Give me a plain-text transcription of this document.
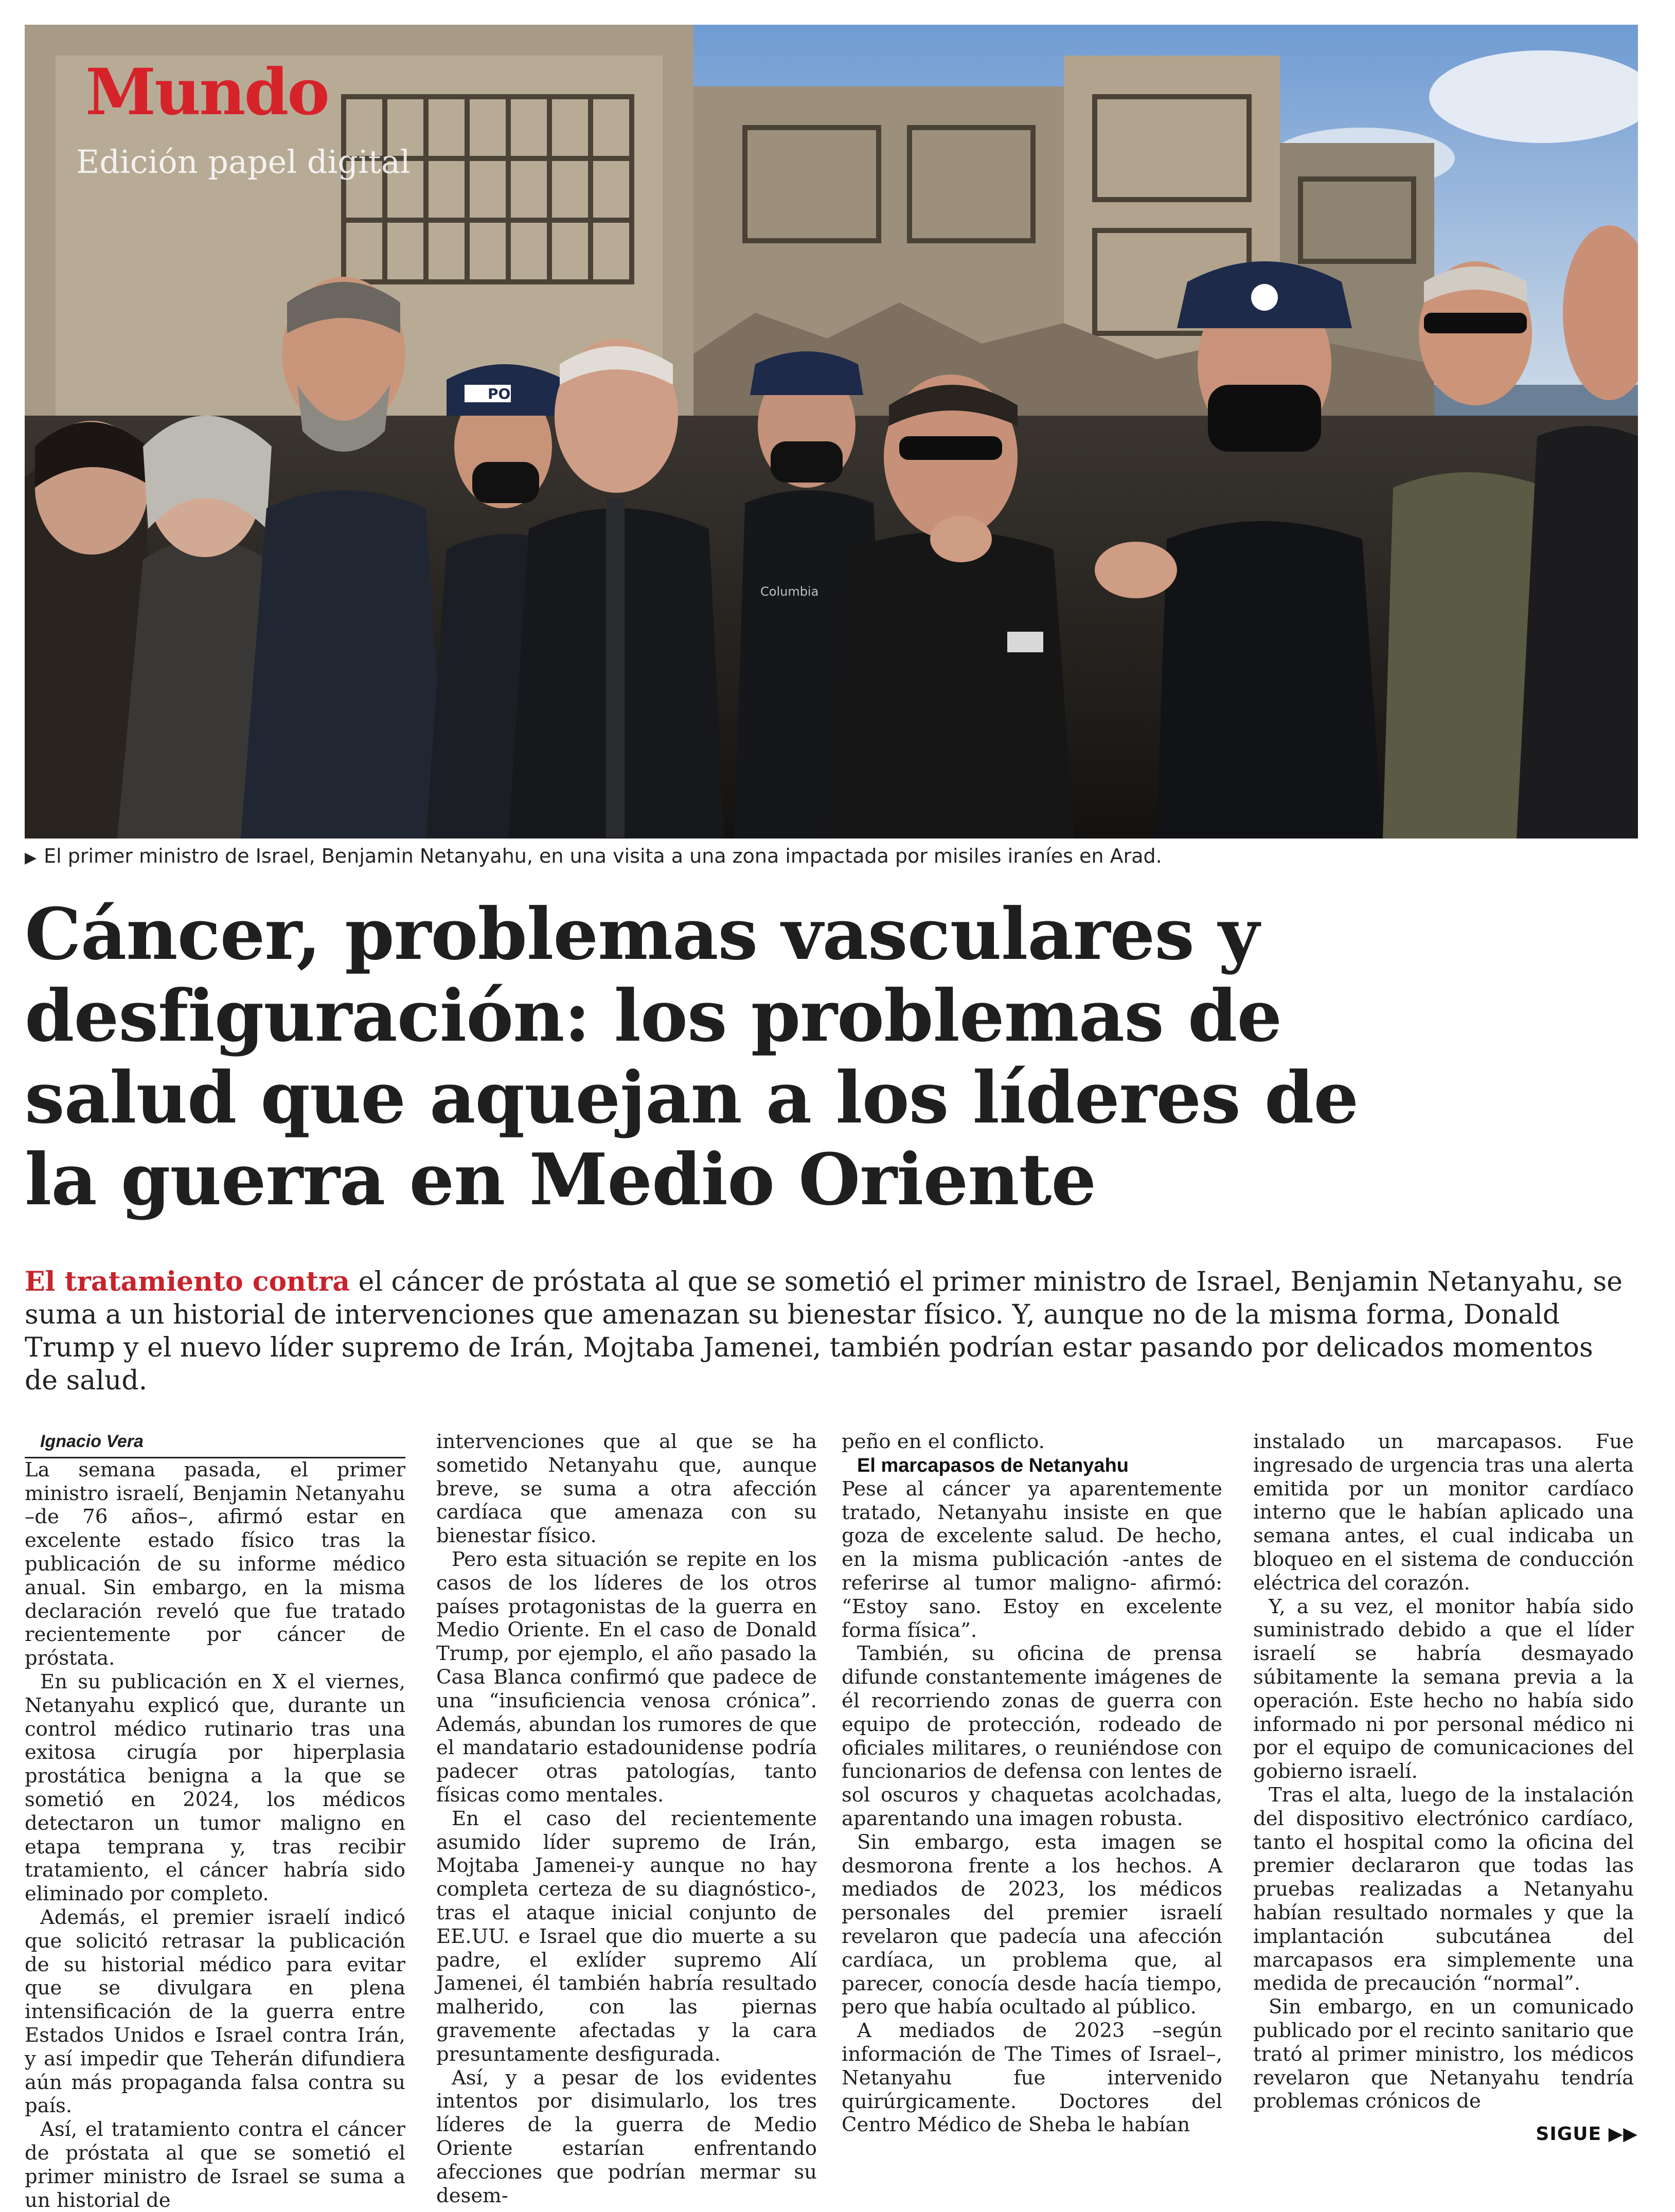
POLICE
Columbia
Mundo

Edición papel digital

▶ El primer ministro de Israel, Benjamin Netanyahu, en una visita a una zona impactada por misiles iraníes en Arad.

Cáncer, problemas vasculares y desfiguración: los problemas de salud que aquejan a los líderes de la guerra en Medio Oriente

El tratamiento contra el cáncer de próstata al que se sometió el primer ministro de Israel, Benjamin Netanyahu, se suma a un historial de intervenciones que amenazan su bienestar físico. Y, aunque no de la misma forma, Donald Trump y el nuevo líder supremo de Irán, Mojtaba Jamenei, también podrían estar pasando por delicados momentos de salud.

Ignacio Vera

La semana pasada, el primer ministro israelí, Benjamin Netanyahu –de 76 años–, afirmó estar en excelente estado físico tras la publicación de su informe médico anual. Sin embargo, en la misma declaración reveló que fue tratado recientemente por cáncer de próstata.

En su publicación en X el viernes, Netanyahu explicó que, durante un control médico rutinario tras una exitosa cirugía por hiperplasia prostática benigna a la que se sometió en 2024, los médicos detectaron un tumor maligno en etapa temprana y, tras recibir tratamiento, el cáncer habría sido eliminado por completo.

Además, el premier israelí indicó que solicitó retrasar la publicación de su historial médico para evitar que se divulgara en plena intensificación de la guerra entre Estados Unidos e Israel contra Irán, y así impedir que Teherán difundiera aún más propaganda falsa contra su país.

Así, el tratamiento contra el cáncer de próstata al que se sometió el primer ministro de Israel se suma a un historial de

intervenciones que al que se ha sometido Netanyahu que, aunque breve, se suma a otra afección cardíaca que amenaza con su bienestar físico.

Pero esta situación se repite en los casos de los líderes de los otros países protagonistas de la guerra en Medio Oriente. En el caso de Donald Trump, por ejemplo, el año pasado la Casa Blanca confirmó que padece de una “insuficiencia venosa crónica”. Además, abundan los rumores de que el mandatario estadounidense podría padecer otras patologías, tanto físicas como mentales.

En el caso del recientemente asumido líder supremo de Irán, Mojtaba Jamenei-y aunque no hay completa certeza de su diagnóstico-, tras el ataque inicial conjunto de EE.UU. e Israel que dio muerte a su padre, el exlíder supremo Alí Jamenei, él también habría resultado malherido, con las piernas gravemente afectadas y la cara presuntamente desfigurada.

Así, y a pesar de los evidentes intentos por disimularlo, los tres líderes de la guerra de Medio Oriente estarían enfrentando afecciones que podrían mermar su desem-

peño en el conflicto.

El marcapasos de Netanyahu

Pese al cáncer ya aparentemente tratado, Netanyahu insiste en que goza de excelente salud. De hecho, en la misma publicación -antes de referirse al tumor maligno- afirmó: “Estoy sano. Estoy en excelente forma física”.

También, su oficina de prensa difunde constantemente imágenes de él recorriendo zonas de guerra con equipo de protección, rodeado de oficiales militares, o reuniéndose con funcionarios de defensa con lentes de sol oscuros y chaquetas acolchadas, aparentando una imagen robusta.

Sin embargo, esta imagen se desmorona frente a los hechos. A mediados de 2023, los médicos personales del premier israelí revelaron que padecía una afección cardíaca, un problema que, al parecer, conocía desde hacía tiempo, pero que había ocultado al público.

A mediados de 2023 –según información de The Times of Israel–, Netanyahu fue intervenido quirúrgicamente. Doctores del Centro Médico de Sheba le habían

instalado un marcapasos. Fue ingresado de urgencia tras una alerta emitida por un monitor cardíaco interno que le habían aplicado una semana antes, el cual indicaba un bloqueo en el sistema de conducción eléctrica del corazón.

Y, a su vez, el monitor había sido suministrado debido a que el líder israelí se habría desmayado súbitamente la semana previa a la operación. Este hecho no había sido informado ni por personal médico ni por el equipo de comunicaciones del gobierno israelí.

Tras el alta, luego de la instalación del dispositivo electrónico cardíaco, tanto el hospital como la oficina del premier declararon que todas las pruebas realizadas a Netanyahu habían resultado normales y que la implantación subcutánea del marcapasos era simplemente una medida de precaución “normal”.

Sin embargo, en un comunicado publicado por el recinto sanitario que trató al primer ministro, los médicos revelaron que Netanyahu tendría problemas crónicos de

SIGUE ▶▶
